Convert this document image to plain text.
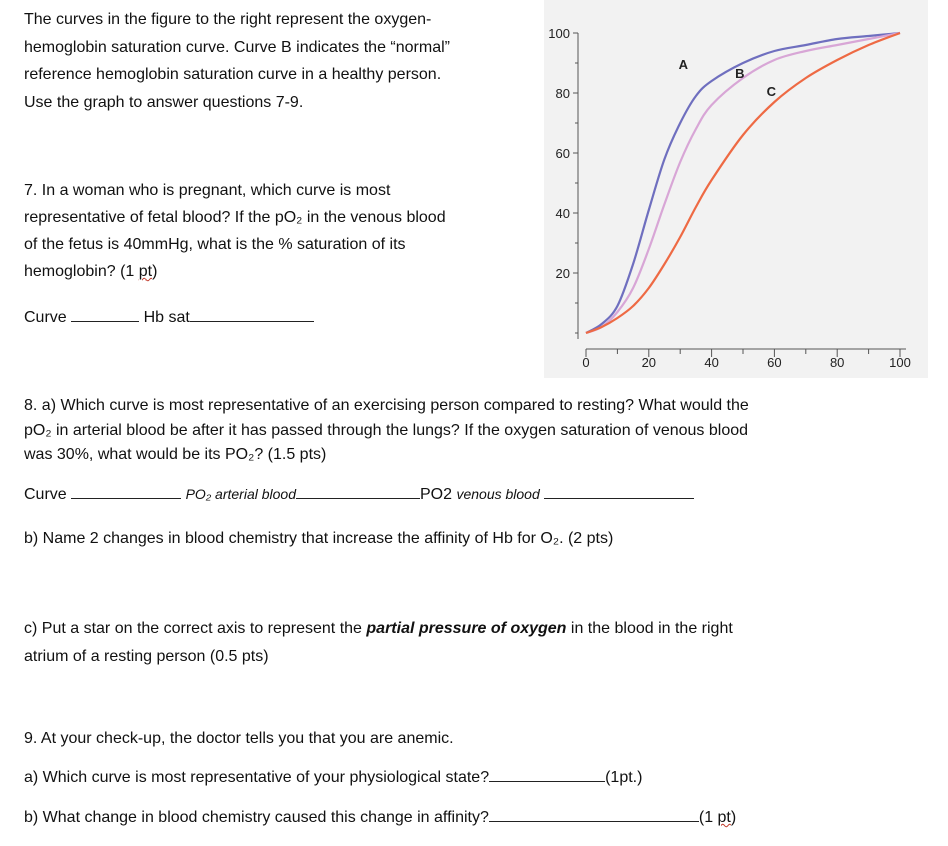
The curves in the figure to the right represent the oxygen-
hemoglobin saturation curve. Curve B indicates the “normal”
reference hemoglobin saturation curve in a healthy person.
Use the graph to answer questions 7-9.
7. In a woman who is pregnant, which curve is most
representative of fetal blood? If the pO₂ in the venous blood
of the fetus is 40mmHg, what is the % saturation of its
hemoglobin? (1 pt)
Curve	Hb sat
20
40
60
80
100
0	20	40	60	80	100
A
B
C
8. a) Which curve is most representative of an exercising person compared to resting? What would the
pO₂ in arterial blood be after it has passed through the lungs? If the oxygen saturation of venous blood
was 30%, what would be its PO₂? (1.5 pts)
Curve	PO₂ arterial blood	PO2 venous blood
b) Name 2 changes in blood chemistry that increase the affinity of Hb for O₂. (2 pts)
c) Put a star on the correct axis to represent the partial pressure of oxygen in the blood in the right
atrium of a resting person (0.5 pts)
9. At your check-up, the doctor tells you that you are anemic.
a) Which curve is most representative of your physiological state?	(1pt.)
b) What change in blood chemistry caused this change in affinity?	(1 pt)
